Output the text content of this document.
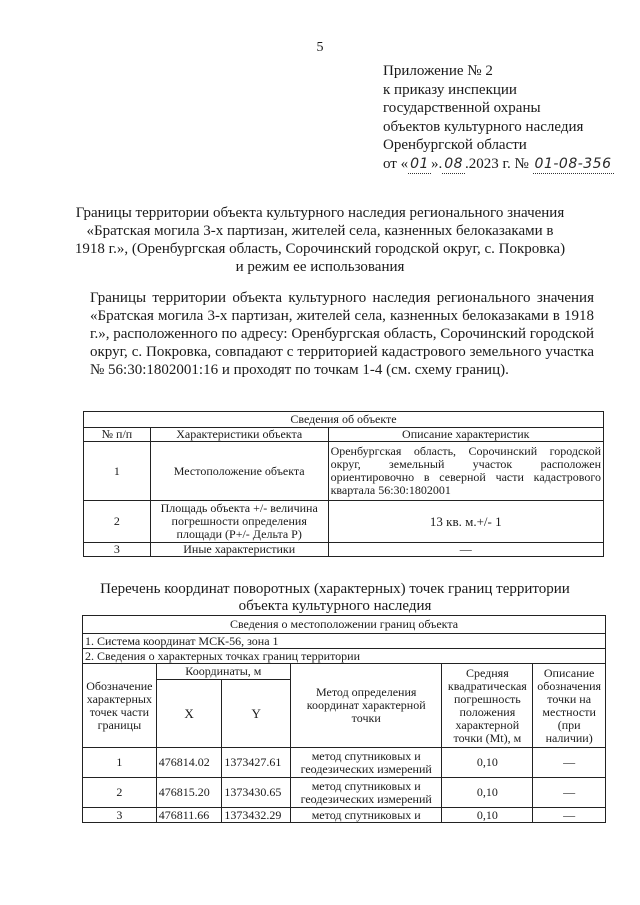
5
Приложение № 2
к приказу инспекции
государственной охраны
объектов культурного наследия
Оренбургской области
от « 01 ». 08 .2023 г. № 01-08-356
Границы территории объекта культурного наследия регионального значения
«Братская могила 3-х партизан, жителей села, казненных белоказаками в
1918 г.», (Оренбургская область, Сорочинский городской округ, с. Покровка)
и режим ее использования
Границы территории объекта культурного наследия регионального значения «Братская могила 3-х партизан, жителей села, казненных белоказаками в 1918 г.», расположенного по адресу: Оренбургская область, Сорочинский городской округ, с. Покровка, совпадают с территорией кадастрового земельного участка № 56:30:1802001:16 и проходят по точкам 1-4 (см. схему границ).
Сведения об объекте		
№ п/п	Характеристики объекта	Описание характеристик
1	Местоположение объекта	Оренбургская область, Сорочинский городской округ, земельный участок расположен ориентировочно в северной части кадастрового квартала 56:30:1802001
2	Площадь объекта +/- величина погрешности определения площади (P+/- Дельта P)	13 кв. м.+/- 1
3	Иные характеристики	—
Перечень координат поворотных (характерных) точек границ территории
объекта культурного наследия
Сведения о местоположении границ объекта					
1. Система координат МСК-56, зона 1					
2. Сведения о характерных точках границ территории					
Обозначение характерных точек части границы	Координаты, м		Метод определения координат характерной точки	Средняя квадратическая погрешность положения характерной точки (Mt), м	Описание обозначения точки на местности (при наличии)
	X	Y			
1	476814.02	1373427.61	метод спутниковых и геодезических измерений	0,10	—
2	476815.20	1373430.65	метод спутниковых и геодезических измерений	0,10	—
3	476811.66	1373432.29	метод спутниковых и	0,10	—
